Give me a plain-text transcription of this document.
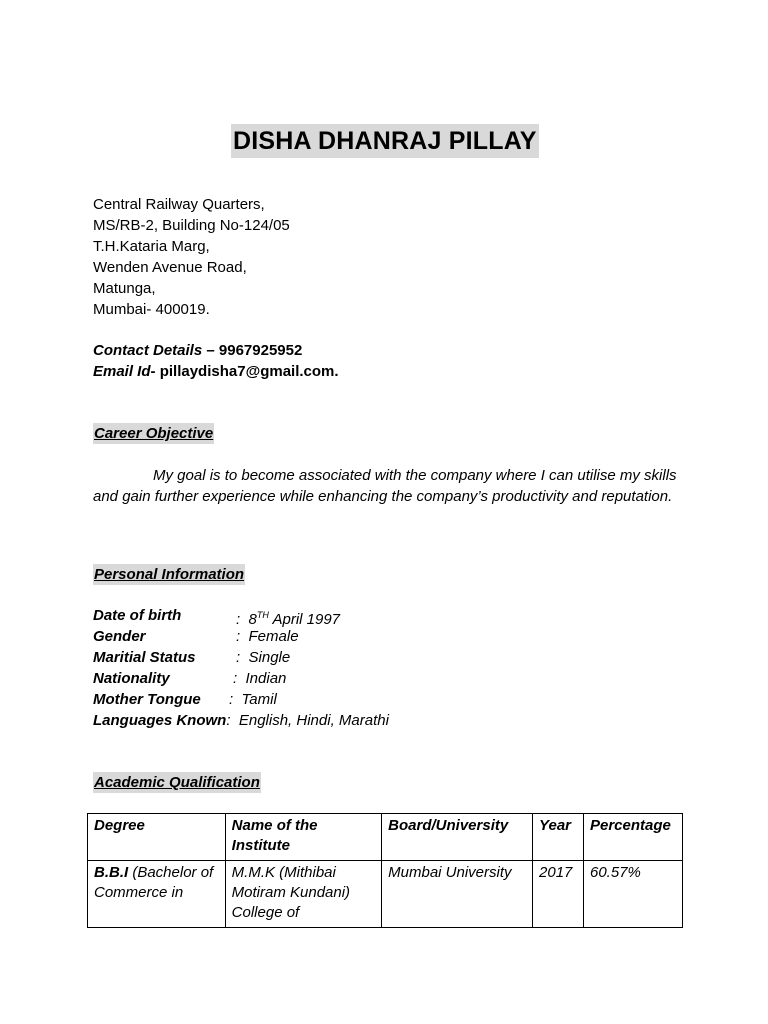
DISHA DHANRAJ PILLAY
Central Railway Quarters,
MS/RB-2, Building No-124/05
T.H.Kataria Marg,
Wenden Avenue Road,
Matunga,
Mumbai- 400019.
Contact Details – 9967925952
Email Id- pillaydisha7@gmail.com.
Career Objective
My goal is to become associated with the company where I can utilise my skills and gain further experience while enhancing the company’s productivity and reputation.
Personal Information
Date of birth	:  8TH April 1997
Gender	:  Female
Maritial Status	:  Single
Nationality	:  Indian
Mother Tongue :  Tamil
Languages Known:  English, Hindi, Marathi
Academic Qualification
Degree	Name of the Institute	Board/University	Year	Percentage
B.B.I (Bachelor of Commerce in	M.M.K (Mithibai Motiram Kundani) College of	Mumbai University	2017	60.57%
